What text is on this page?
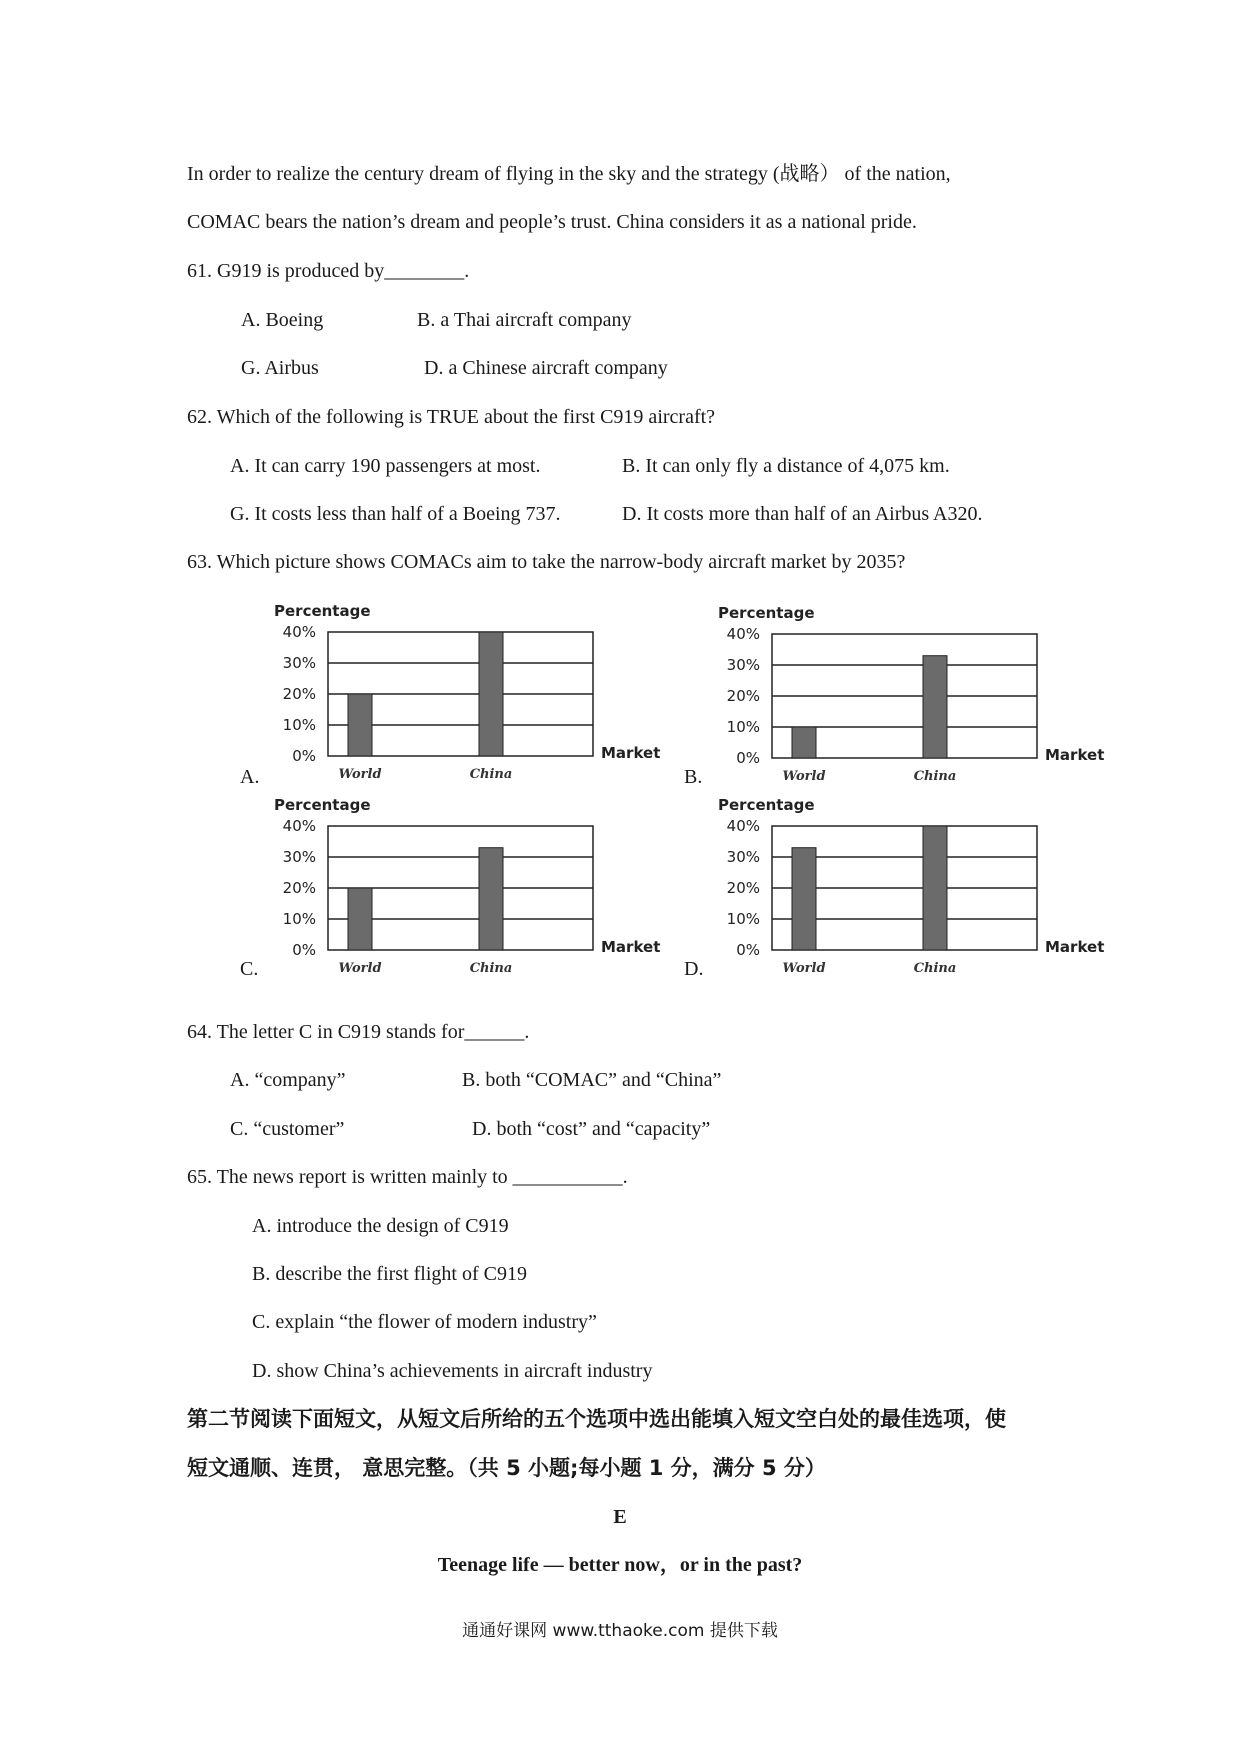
In order to realize the century dream of flying in the sky and the strategy (战略） of the nation,
COMAC bears the nation’s dream and people’s trust. China considers it as a national pride.
61. G919 is produced by________.
A. Boeing	B. a Thai aircraft company
G. Airbus	D. a Chinese aircraft company
62. Which of the following is TRUE about the first C919 aircraft?
A. It can carry 190 passengers at most.	B. It can only fly a distance of 4,075 km.
G. It costs less than half of a Boeing 737.	D. It costs more than half of an Airbus A320.
63. Which picture shows COMACs aim to take the narrow-body aircraft market by 2035?
A.
Percentage
40%
30%
20%
10%
0%
World	China
Market
B.
Percentage
40%
30%
20%
10%
0%
World	China
Market
C.
Percentage
40%
30%
20%
10%
0%
World	China
Market
D.
Percentage
40%
30%
20%
10%
0%
World	China
Market
64. The letter C in C919 stands for______.
A. “company”	B. both “COMAC” and “China”
C. “customer”	D. both “cost” and “capacity”
65. The news report is written mainly to ___________.
A. introduce the design of C919
B. describe the first flight of C919
C. explain “the flower of modern industry”
D. show China’s achievements in aircraft industry
第二节阅读下面短文，从短文后所给的五个选项中选出能填入短文空白处的最佳选项，使
短文通顺、连贯， 意思完整。（共 5 小题;每小题 1 分，满分 5 分）
E
Teenage life — better now，or in the past?
通通好课网 www.tthaoke.com 提供下载
